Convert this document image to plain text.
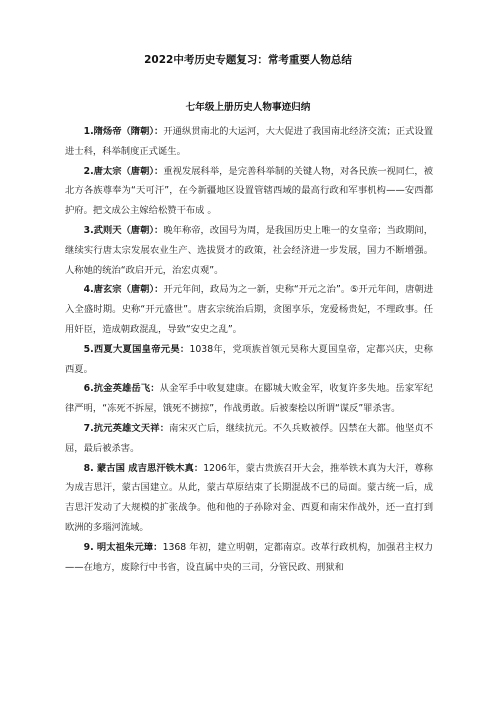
2022中考历史专题复习：常考重要人物总结
七年级上册历史人物事迹归纳

1.隋炀帝（隋朝）：开通纵贯南北的大运河，大大促进了我国南北经济交流；正式设置进士科，科举制度正式诞生。

2.唐太宗（唐朝）：重视发展科举，是完善科举制的关键人物，对各民族一视同仁，被北方各族尊奉为“天可汗”，在今新疆地区设置管辖西域的最高行政和军事机构——安西都护府。把文成公主嫁给松赞干布成 。

3.武则天（唐朝）：晚年称帝，改国号为周，是我国历史上唯一的女皇帝；当政期间，继续实行唐太宗发展农业生产、选拔贤才的政策，社会经济进一步发展，国力不断增强。人称她的统治“政启开元，治宏贞观”。

4.唐玄宗（唐朝）：开元年间，政局为之一新，史称“开元之治”。⑤开元年间，唐朝进入全盛时期。史称“开元盛世”。唐玄宗统治后期，贪图享乐，宠爱杨贵妃，不理政事。任用奸臣，造成朝政混乱，导致“安史之乱”。

5.西夏大夏国皇帝元昊：1038年，党项族首领元昊称大夏国皇帝，定都兴庆，史称西夏。

6.抗金英雄岳飞：从金军手中收复建康。在郾城大败金军，收复许多失地。岳家军纪律严明，“冻死不拆屋，饿死不掳掠”，作战勇敢。后被秦桧以所谓“谋反”罪杀害。

7.抗元英雄文天祥：南宋灭亡后，继续抗元。不久兵败被俘。囚禁在大都。他坚贞不屈，最后被杀害。

8. 蒙古国 成吉思汗铁木真：1206年，蒙古贵族召开大会，推举铁木真为大汗，尊称为成吉思汗，蒙古国建立。从此，蒙古草原结束了长期混战不已的局面。蒙古统一后，成吉思汗发动了大规模的扩张战争。他和他的子孙除对金、西夏和南宋作战外，还一直打到欧洲的多瑙河流域。

9. 明太祖朱元璋：1368 年初，建立明朝，定都南京。改革行政机构，加强君主权力——在地方，废除行中书省，设直属中央的三司，分管民政、刑狱和
